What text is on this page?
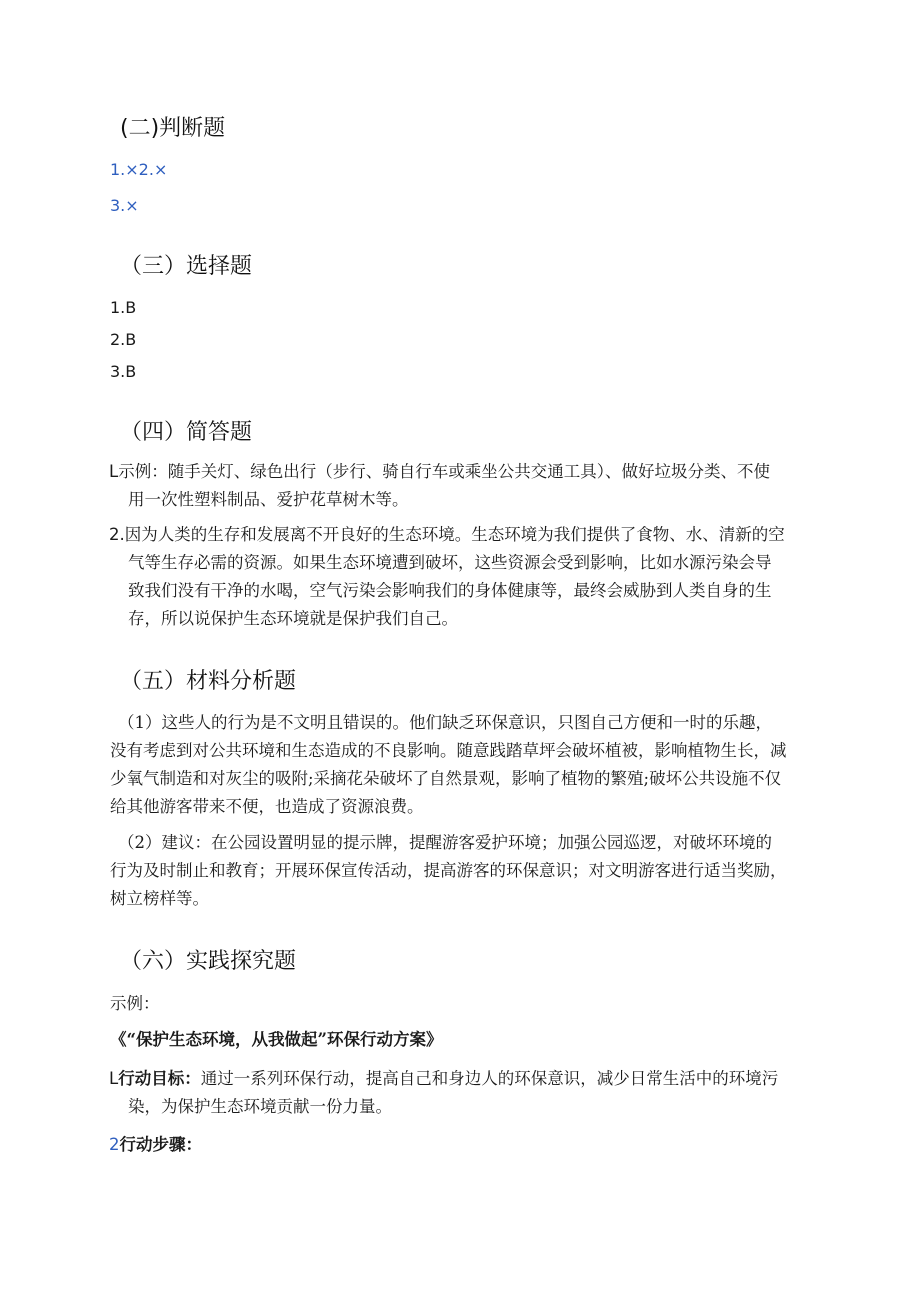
(二)判断题
1.×2.×
3.×
（三）选择题
1.B
2.B
3.B
（四）简答题
L示例：随手关灯、绿色出行（步行、骑自行车或乘坐公共交通工具）、做好垃圾分类、不使
用一次性塑料制品、爱护花草树木等。
2.因为人类的生存和发展离不开良好的生态环境。生态环境为我们提供了食物、水、清新的空
气等生存必需的资源。如果生态环境遭到破坏，这些资源会受到影响，比如水源污染会导
致我们没有干净的水喝，空气污染会影响我们的身体健康等，最终会威胁到人类自身的生
存，所以说保护生态环境就是保护我们自己。
（五）材料分析题
（1）这些人的行为是不文明且错误的。他们缺乏环保意识，只图自己方便和一时的乐趣，
没有考虑到对公共环境和生态造成的不良影响。随意践踏草坪会破坏植被，影响植物生长，减
少氧气制造和对灰尘的吸附;采摘花朵破坏了自然景观，影响了植物的繁殖;破坏公共设施不仅
给其他游客带来不便，也造成了资源浪费。
（2）建议：在公园设置明显的提示牌，提醒游客爱护环境；加强公园巡逻，对破坏环境的
行为及时制止和教育；开展环保宣传活动，提高游客的环保意识；对文明游客进行适当奖励，
树立榜样等。
（六）实践探究题
示例：
《“保护生态环境，从我做起”环保行动方案》
L行动目标：通过一系列环保行动，提高自己和身边人的环保意识，减少日常生活中的环境污
染，为保护生态环境贡献一份力量。
2行动步骤：
